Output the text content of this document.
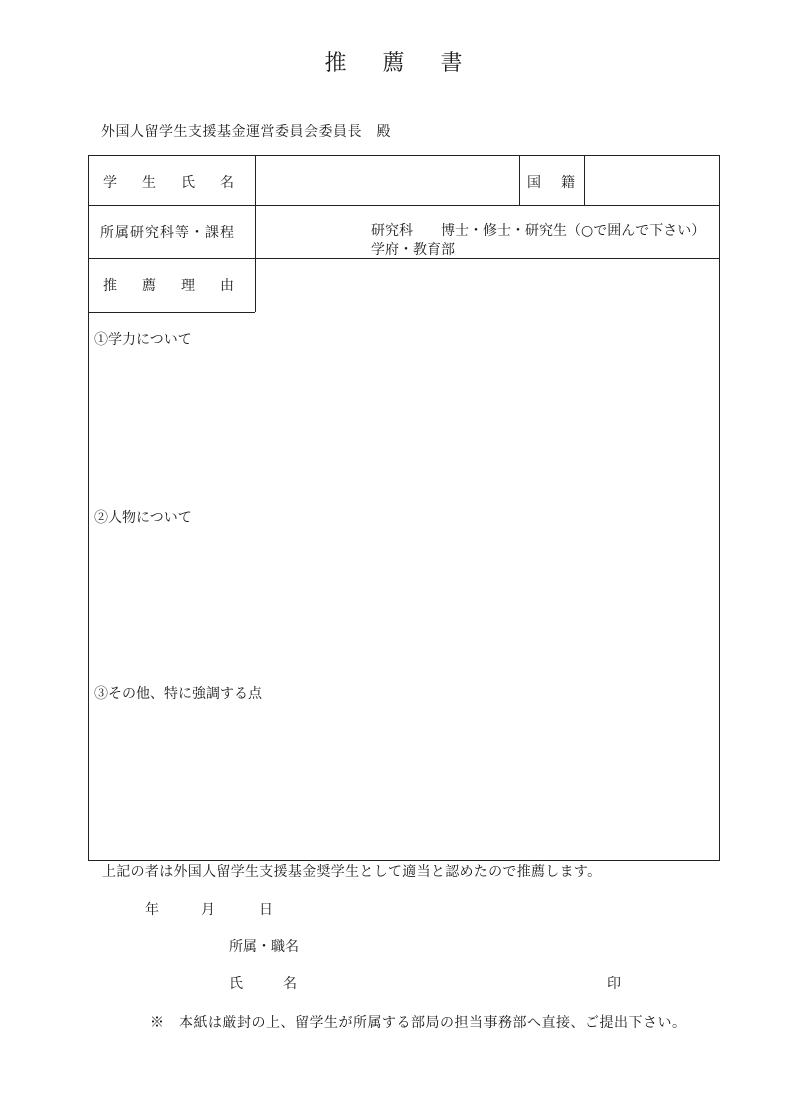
推薦書
外国人留学生支援基金運営委員会委員長　殿
学生氏名	国籍
所属研究科等・課程	研究科　　博士・修士・研究生（○で囲んで下さい）
学府・教育部
推薦理由
①学力について
②人物について
③その他、特に強調する点
上記の者は外国人留学生支援基金奨学生として適当と認めたので推薦します。
年	月	日
所属・職名
氏　　名	印
※　本紙は厳封の上、留学生が所属する部局の担当事務部へ直接、ご提出下さい。
